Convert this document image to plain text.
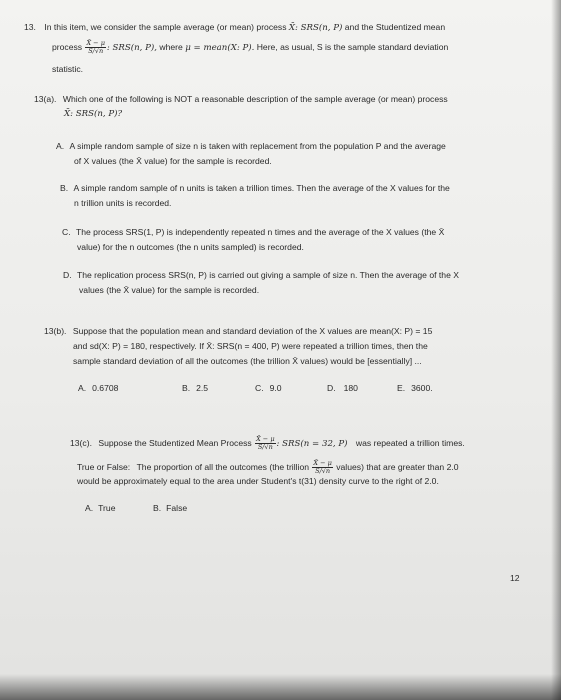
13. In this item, we consider the sample average (or mean) process X̄: SRS(n, P) and the Studentized mean
process $\frac{X̄ - \mu}{S/√n}$ : SRS(n, P), where μ = mean(X: P). Here, as usual, S is the sample standard deviation
statistic.
13(a). Which one of the following is NOT a reasonable description of the sample average (or mean) process
X̄: SRS(n, P)?
A. A simple random sample of size n is taken with replacement from the population P and the average
of X values (the X̄ value) for the sample is recorded.
B. A simple random sample of n units is taken a trillion times. Then the average of the X values for the
n trillion units is recorded.
C. The process SRS(1, P) is independently repeated n times and the average of the X values (the X̄
value) for the n outcomes (the n units sampled) is recorded.
D. The replication process SRS(n, P) is carried out giving a sample of size n. Then the average of the X
values (the X̄ value) for the sample is recorded.
13(b). Suppose that the population mean and standard deviation of the X values are mean(X: P) = 15
and sd(X: P) = 180, respectively. If X̄: SRS(n = 400, P) were repeated a trillion times, then the
sample standard deviation of all the outcomes (the trillion X̄ values) would be [essentially] ...
A. 0.6708	B. 2.5	C. 9.0	D. 180	E. 3600.
13(c). Suppose the Studentized Mean Process $\frac{X̄ - \mu}{S/√n}$ : SRS(n = 32, P) was repeated a trillion times.
True or False: The proportion of all the outcomes (the trillion $\frac{X̄ - \mu}{S/√n}$ values) that are greater than 2.0
would be approximately equal to the area under Student's t(31) density curve to the right of 2.0.
A. True	B. False
12
